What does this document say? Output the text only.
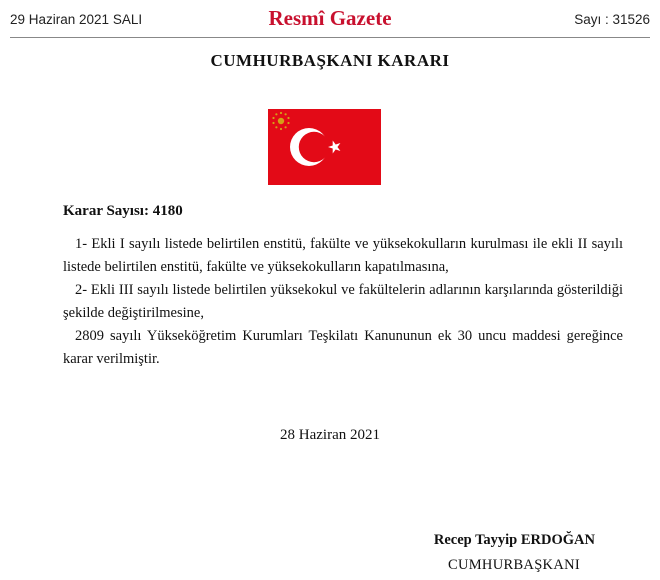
29 Haziran 2021 SALI	Resmî Gazete	Sayı : 31526
CUMHURBAŞKANI KARARI
Karar Sayısı: 4180

1- Ekli I sayılı listede belirtilen enstitü, fakülte ve yüksekokulların kurulması ile ekli II sayılı listede belirtilen enstitü, fakülte ve yüksekokulların kapatılmasına,

2- Ekli III sayılı listede belirtilen yüksekokul ve fakültelerin adlarının karşılarında gösterildiği şekilde değiştirilmesine,

2809 sayılı Yükseköğretim Kurumları Teşkilatı Kanununun ek 30 uncu maddesi gereğince karar verilmiştir.

28 Haziran 2021
Recep Tayyip ERDOĞAN
CUMHURBAŞKANI
